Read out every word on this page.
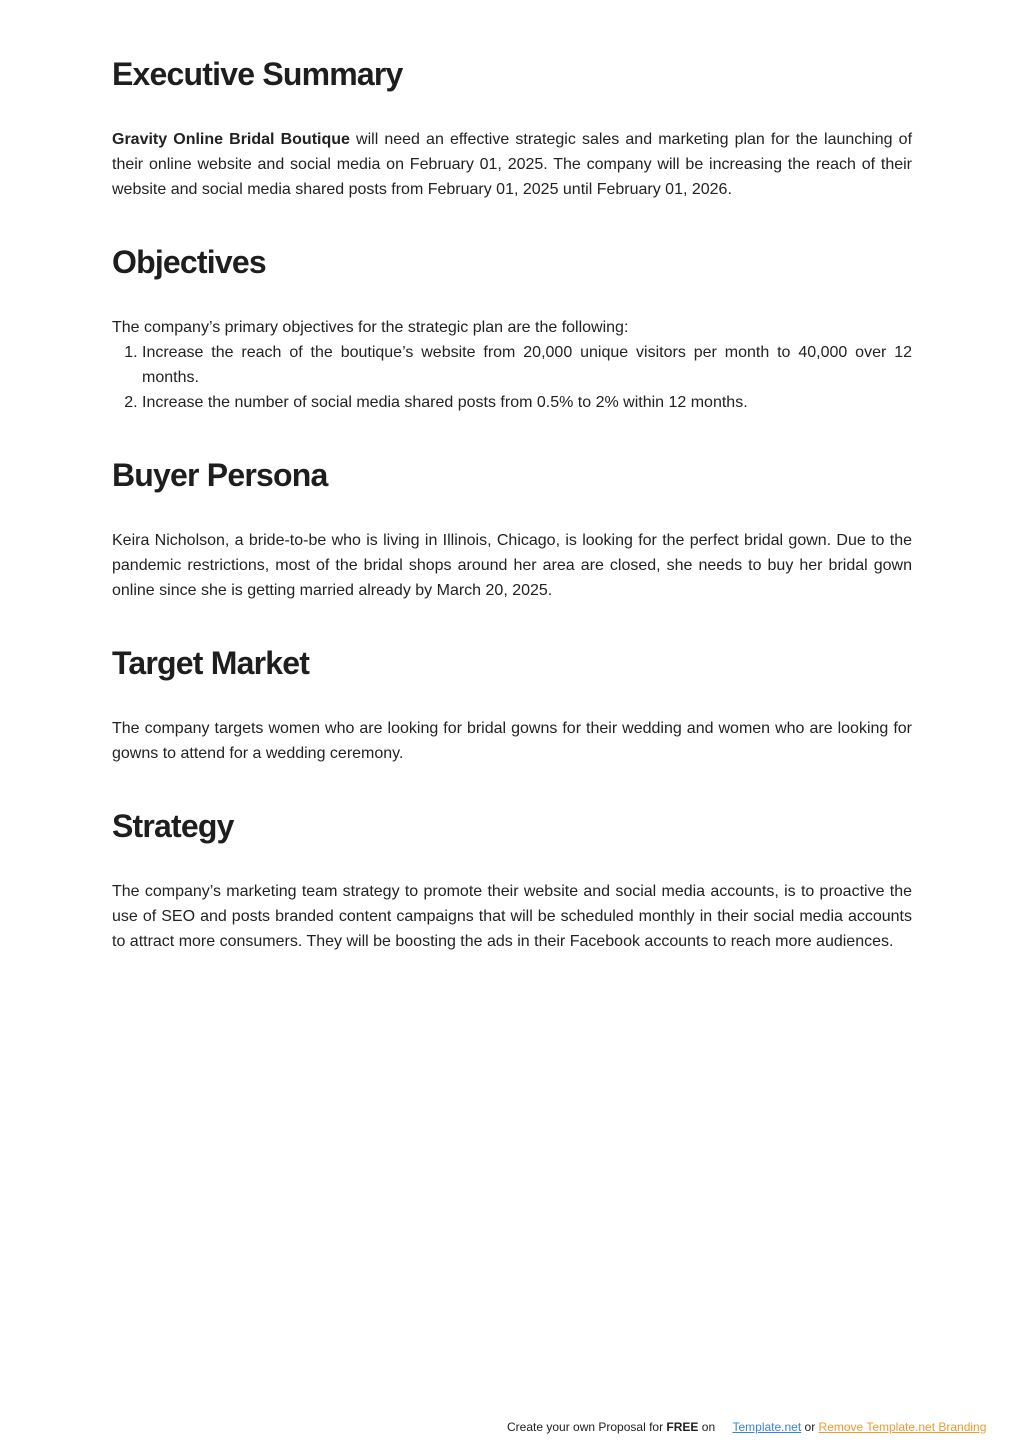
Executive Summary

Gravity Online Bridal Boutique will need an effective strategic sales and marketing plan for the launching of their online website and social media on February 01, 2025. The company will be increasing the reach of their website and social media shared posts from February 01, 2025 until February 01, 2026.

Objectives

The company’s primary objectives for the strategic plan are the following:

1. Increase the reach of the boutique’s website from 20,000 unique visitors per month to 40,000 over 12 months.
2. Increase the number of social media shared posts from 0.5% to 2% within 12 months.
Buyer Persona

Keira Nicholson, a bride-to-be who is living in Illinois, Chicago, is looking for the perfect bridal gown. Due to the pandemic restrictions, most of the bridal shops around her area are closed, she needs to buy her bridal gown online since she is getting married already by March 20, 2025.

Target Market

The company targets women who are looking for bridal gowns for their wedding and women who are looking for gowns to attend for a wedding ceremony.

Strategy

The company’s marketing team strategy to promote their website and social media accounts, is to proactive the use of SEO and posts branded content campaigns that will be scheduled monthly in their social media accounts to attract more consumers. They will be boosting the ads in their Facebook accounts to reach more audiences.

Create your own Proposal for FREE on Template.net or Remove Template.net Branding
